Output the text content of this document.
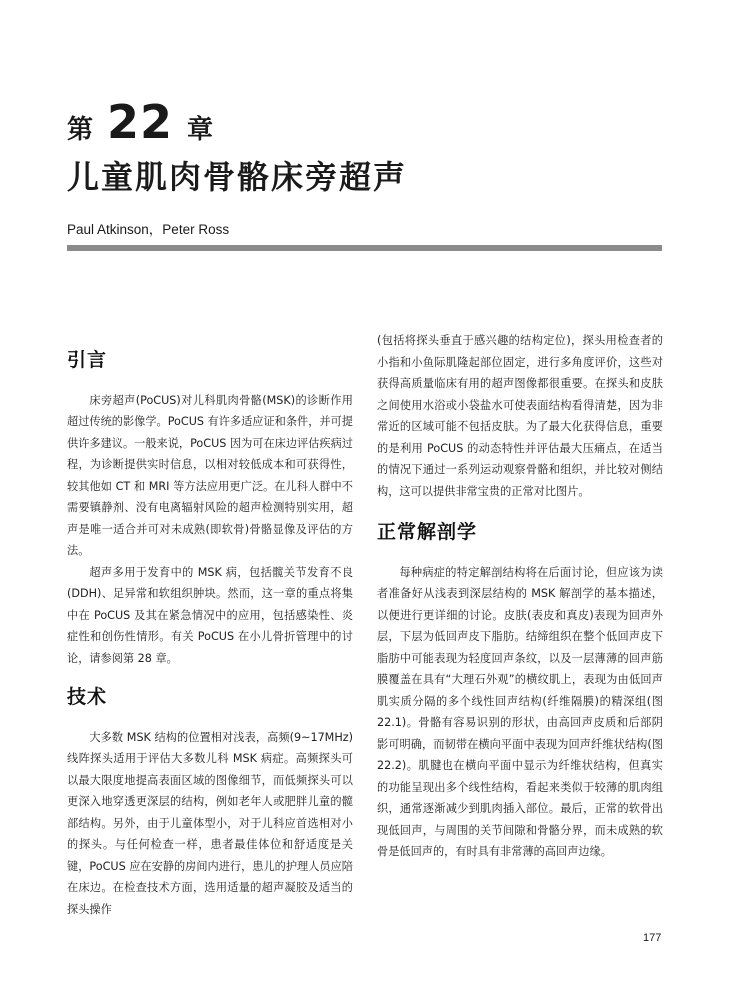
第 22 章
儿童肌肉骨骼床旁超声
Paul Atkinson，Peter Ross
引言

床旁超声(PoCUS)对儿科肌肉骨骼(MSK)的诊断作用超过传统的影像学。PoCUS 有许多适应证和条件，并可提供许多建议。一般来说，PoCUS 因为可在床边评估疾病过程，为诊断提供实时信息，以相对较低成本和可获得性，较其他如 CT 和 MRI 等方法应用更广泛。在儿科人群中不需要镇静剂、没有电离辐射风险的超声检测特别实用，超声是唯一适合并可对未成熟(即软骨)骨骼显像及评估的方法。

超声多用于发育中的 MSK 病，包括髋关节发育不良(DDH)、足异常和软组织肿块。然而，这一章的重点将集中在 PoCUS 及其在紧急情况中的应用，包括感染性、炎症性和创伤性情形。有关 PoCUS 在小儿骨折管理中的讨论，请参阅第 28 章。

技术

大多数 MSK 结构的位置相对浅表，高频(9~17MHz)线阵探头适用于评估大多数儿科 MSK 病症。高频探头可以最大限度地提高表面区域的图像细节，而低频探头可以更深入地穿透更深层的结构，例如老年人或肥胖儿童的髋部结构。另外，由于儿童体型小，对于儿科应首选相对小的探头。与任何检查一样，患者最佳体位和舒适度是关键，PoCUS 应在安静的房间内进行，患儿的护理人员应陪在床边。在检查技术方面，选用适量的超声凝胶及适当的探头操作

(包括将探头垂直于感兴趣的结构定位)，探头用检查者的小指和小鱼际肌隆起部位固定，进行多角度评价，这些对获得高质量临床有用的超声图像都很重要。在探头和皮肤之间使用水浴或小袋盐水可使表面结构看得清楚，因为非常近的区域可能不包括皮肤。为了最大化获得信息，重要的是利用 PoCUS 的动态特性并评估最大压痛点，在适当的情况下通过一系列运动观察骨骼和组织，并比较对侧结构，这可以提供非常宝贵的正常对比图片。

正常解剖学

每种病症的特定解剖结构将在后面讨论，但应该为读者准备好从浅表到深层结构的 MSK 解剖学的基本描述，以便进行更详细的讨论。皮肤(表皮和真皮)表现为回声外层，下层为低回声皮下脂肪。结缔组织在整个低回声皮下脂肪中可能表现为轻度回声条纹，以及一层薄薄的回声筋膜覆盖在具有“大理石外观”的横纹肌上，表现为由低回声肌实质分隔的多个线性回声结构(纤维隔膜)的精深组(图 22.1)。骨骼有容易识别的形状，由高回声皮质和后部阴影可明确，而韧带在横向平面中表现为回声纤维状结构(图 22.2)。肌腱也在横向平面中显示为纤维状结构，但真实的功能呈现出多个线性结构，看起来类似于较薄的肌肉组织，通常逐渐减少到肌肉插入部位。最后，正常的软骨出现低回声，与周围的关节间隙和骨骼分界，而未成熟的软骨是低回声的，有时具有非常薄的高回声边缘。

177
